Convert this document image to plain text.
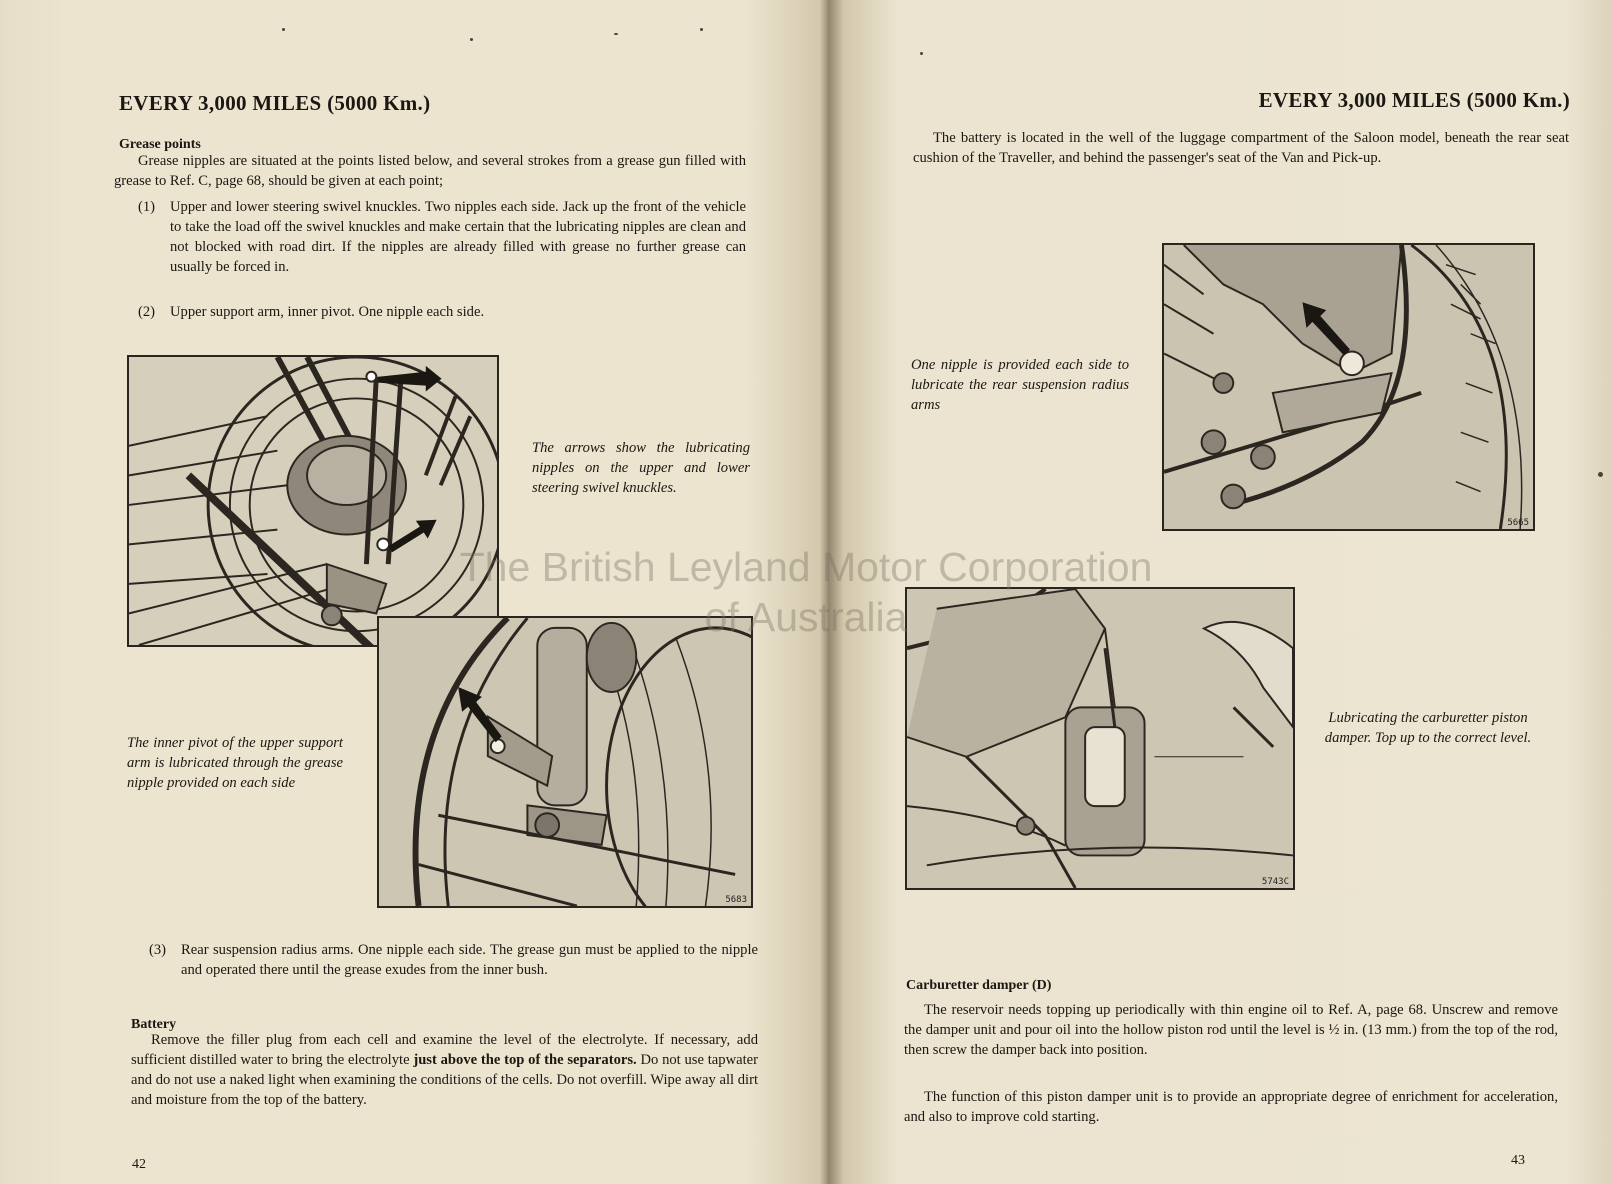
EVERY 3,000 MILES (5000 Km.)
Grease points
Grease nipples are situated at the points listed below, and several strokes from a grease gun filled with grease to Ref. C, page 68, should be given at each point;
(1) Upper and lower steering swivel knuckles. Two nipples each side. Jack up the front of the vehicle to take the load off the swivel knuckles and make certain that the lubricating nipples are clean and not blocked with road dirt. If the nipples are already filled with grease no further grease can usually be forced in.
(2) Upper support arm, inner pivot. One nipple each side.
The arrows show the lubricating nipples on the upper and lower steering swivel knuckles.
5683
The inner pivot of the upper support arm is lubricated through the grease nipple provided on each side
(3) Rear suspension radius arms. One nipple each side. The grease gun must be applied to the nipple and operated there until the grease exudes from the inner bush.
Battery
Remove the filler plug from each cell and examine the level of the electrolyte. If necessary, add sufficient distilled water to bring the electrolyte just above the top of the separators. Do not use tapwater and do not use a naked light when examining the conditions of the cells. Do not overfill. Wipe away all dirt and moisture from the top of the battery.
42
EVERY 3,000 MILES (5000 Km.)
The battery is located in the well of the luggage compartment of the Saloon model, beneath the rear seat cushion of the Traveller, and behind the passenger's seat of the Van and Pick-up.
5665
One nipple is provided each side to lubricate the rear suspension radius arms
5743C
Lubricating the carburetter piston damper. Top up to the correct level.
Carburetter damper (D)
The reservoir needs topping up periodically with thin engine oil to Ref. A, page 68. Unscrew and remove the damper unit and pour oil into the hollow piston rod until the level is ½ in. (13 mm.) from the top of the rod, then screw the damper back into position.
The function of this piston damper unit is to provide an appropriate degree of enrichment for acceleration, and also to improve cold starting.
43
The British Leyland Motor Corporation
of Australia
